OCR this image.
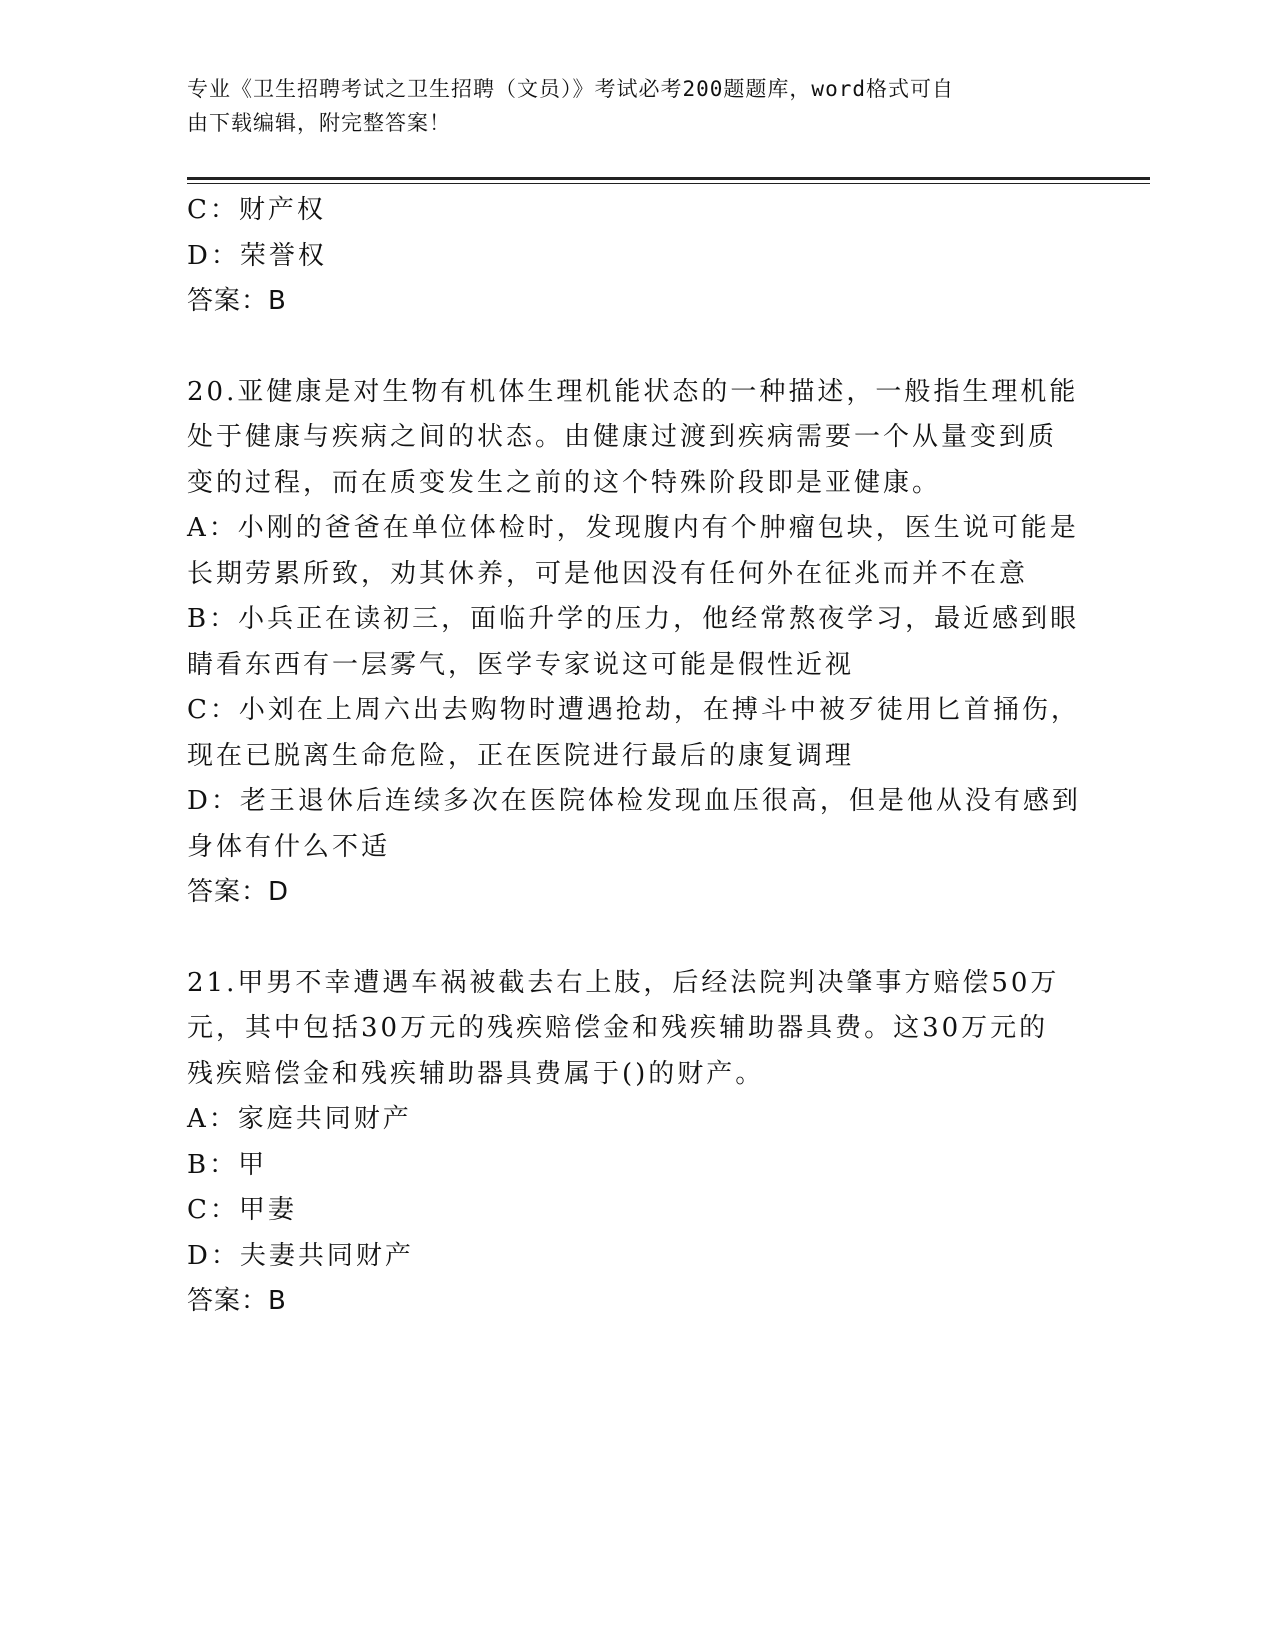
专业《卫生招聘考试之卫生招聘（文员）》考试必考200题题库，word格式可自
由下载编辑，附完整答案！
C：财产权
D：荣誉权
答案：B
20.亚健康是对生物有机体生理机能状态的一种描述，一般指生理机能
处于健康与疾病之间的状态。由健康过渡到疾病需要一个从量变到质
变的过程，而在质变发生之前的这个特殊阶段即是亚健康。
A：小刚的爸爸在单位体检时，发现腹内有个肿瘤包块，医生说可能是
长期劳累所致，劝其休养，可是他因没有任何外在征兆而并不在意
B：小兵正在读初三，面临升学的压力，他经常熬夜学习，最近感到眼
睛看东西有一层雾气，医学专家说这可能是假性近视
C：小刘在上周六出去购物时遭遇抢劫，在搏斗中被歹徒用匕首捅伤，
现在已脱离生命危险，正在医院进行最后的康复调理
D：老王退休后连续多次在医院体检发现血压很高，但是他从没有感到
身体有什么不适
答案：D
21.甲男不幸遭遇车祸被截去右上肢，后经法院判决肇事方赔偿50万
元，其中包括30万元的残疾赔偿金和残疾辅助器具费。这30万元的
残疾赔偿金和残疾辅助器具费属于()的财产。
A：家庭共同财产
B：甲
C：甲妻
D：夫妻共同财产
答案：B
